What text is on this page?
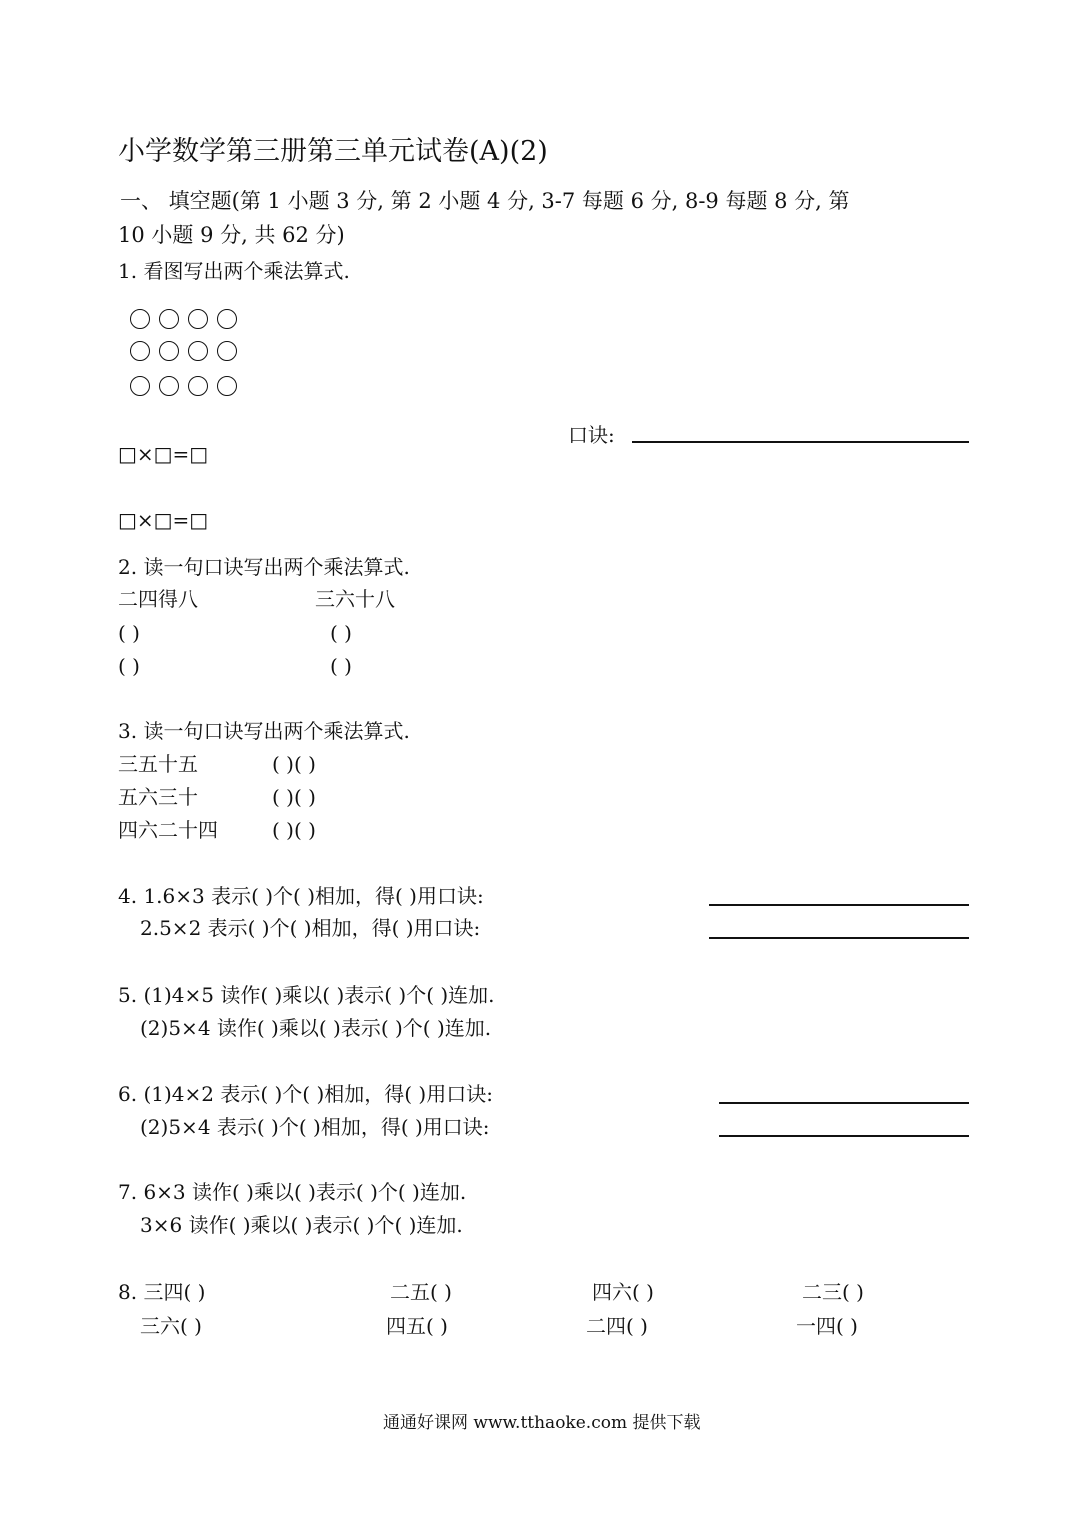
小学数学第三册第三单元试卷(A)(2)
一、 填空题(第 1 小题 3 分, 第 2 小题 4 分, 3-7 每题 6 分, 8-9 每题 8 分, 第
10 小题 9 分, 共 62 分)
1. 看图写出两个乘法算式.
口诀:
□×□=□
□×□=□
2. 读一句口诀写出两个乘法算式.
二四得八	三六十八
( )	( )
( )	( )
3. 读一句口诀写出两个乘法算式.
三五十五	( )( )
五六三十	( )( )
四六二十四	( )( )
4. 1.6×3 表示( )个( )相加，得( )用口诀:
2.5×2 表示( )个( )相加，得( )用口诀:
5. (1)4×5 读作( )乘以( )表示( )个( )连加.
(2)5×4 读作( )乘以( )表示( )个( )连加.
6. (1)4×2 表示( )个( )相加，得( )用口诀:
(2)5×4 表示( )个( )相加，得( )用口诀:
7. 6×3 读作( )乘以( )表示( )个( )连加.
3×6 读作( )乘以( )表示( )个( )连加.
8. 三四( )	二五( )	四六( )	二三( )
三六( )	四五( )	二四( )	一四( )
通通好课网 www.tthaoke.com 提供下载
